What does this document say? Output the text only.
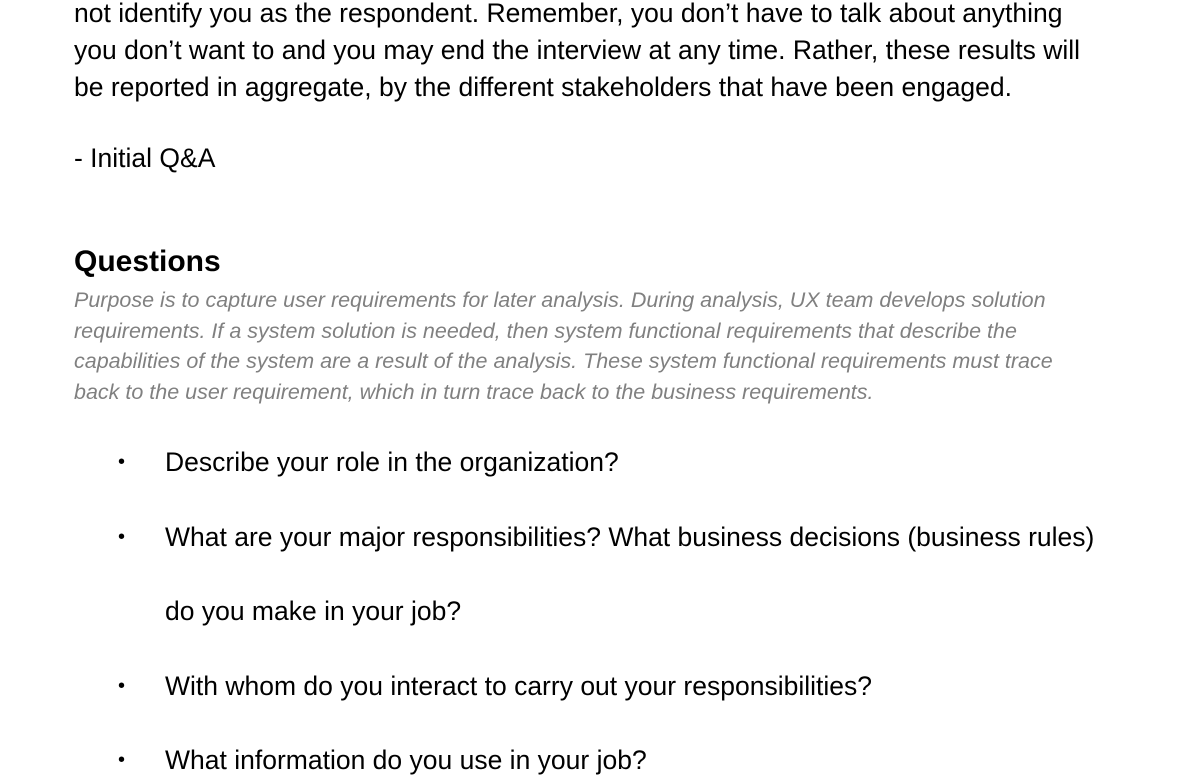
not identify you as the respondent. Remember, you don’t have to talk about anything
you don’t want to and you may end the interview at any time. Rather, these results will
be reported in aggregate, by the different stakeholders that have been engaged.

- Initial Q&A

Questions

Purpose is to capture user requirements for later analysis. During analysis, UX team develops solution
requirements. If a system solution is needed, then system functional requirements that describe the
capabilities of the system are a result of the analysis. These system functional requirements must trace
back to the user requirement, which in turn trace back to the business requirements.

• Describe your role in the organization?
• What are your major responsibilities? What business decisions (business rules)
do you make in your job?
• With whom do you interact to carry out your responsibilities?
• What information do you use in your job?
